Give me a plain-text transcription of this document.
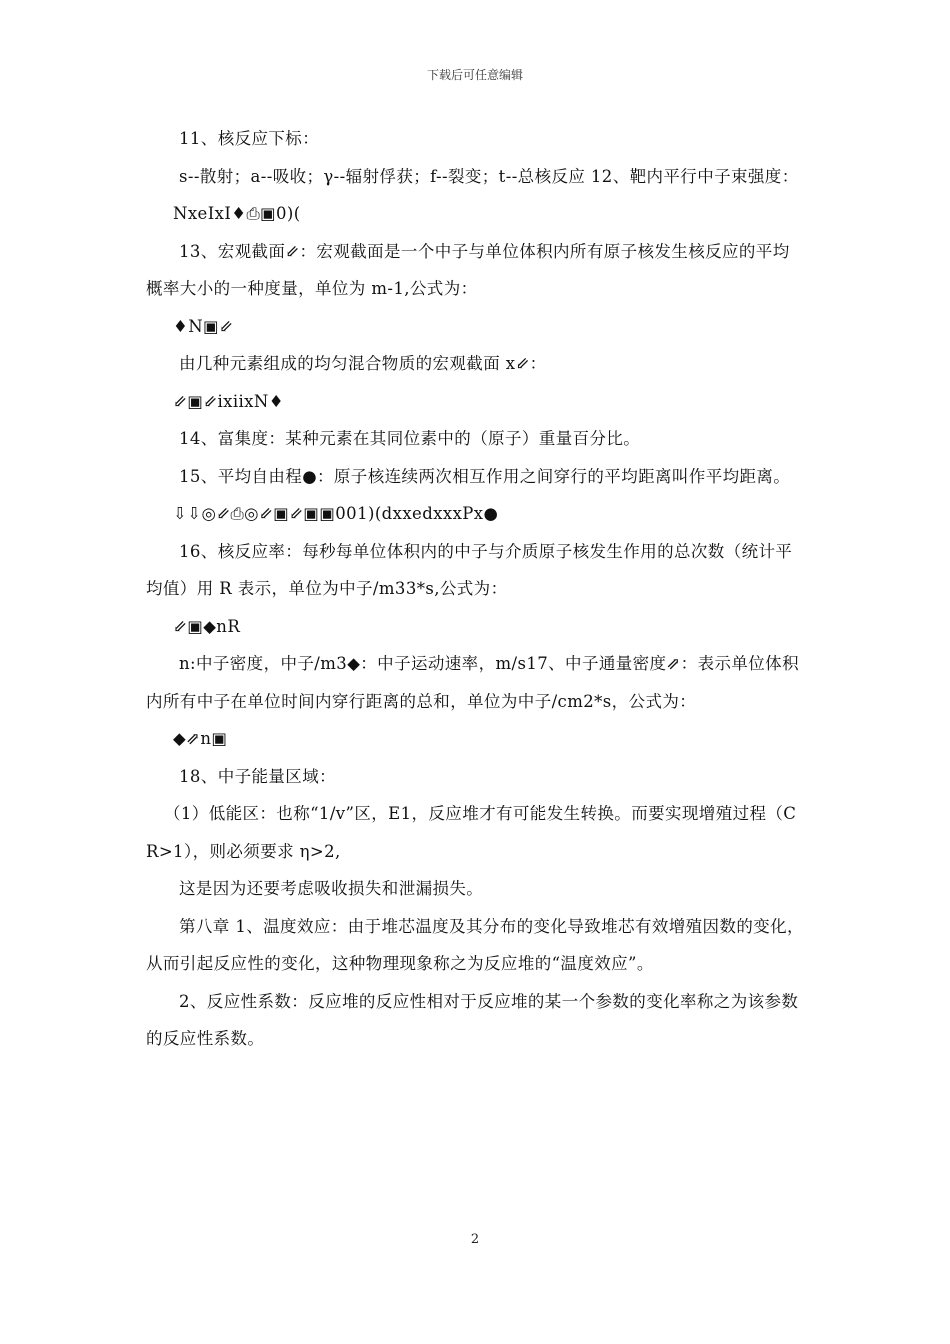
下载后可任意编辑

11、核反应下标：

s--散射；a--吸收；γ--辐射俘获；f--裂变；t--总核反应 12、靶内平行中子束强度：

NxeIxI♦⎙▣0)(

13、宏观截面⇙：宏观截面是一个中子与单位体积内所有原子核发生核反应的平均概率大小的一种度量，单位为 m-1,公式为：

♦N▣⇙

由几种元素组成的均匀混合物质的宏观截面 x⇙：

⇙▣⇙ixiixN♦

14、富集度：某种元素在其同位素中的（原子）重量百分比。

15、平均自由程●：原子核连续两次相互作用之间穿行的平均距离叫作平均距离。

⇩⇩◎⇙⎙◎⇙▣⇙▣▣001)(dxxedxxxPx●

16、核反应率：每秒每单位体积内的中子与介质原子核发生作用的总次数（统计平均值）用 R 表示，单位为中子/m33*s,公式为：

⇙▣◆nR

n:中子密度，中子/m3◆：中子运动速率，m/s17、中子通量密度⇗：表示单位体积内所有中子在单位时间内穿行距离的总和，单位为中子/cm2*s，公式为：

◆⇗n▣

18、中子能量区域：

（1）低能区：也称“1/v”区，E1，反应堆才有可能发生转换。而要实现增殖过程（CR>1），则必须要求 η>2,

这是因为还要考虑吸收损失和泄漏损失。

第八章 1、温度效应：由于堆芯温度及其分布的变化导致堆芯有效增殖因数的变化，从而引起反应性的变化，这种物理现象称之为反应堆的“温度效应”。

2、反应性系数：反应堆的反应性相对于反应堆的某一个参数的变化率称之为该参数的反应性系数。

2
